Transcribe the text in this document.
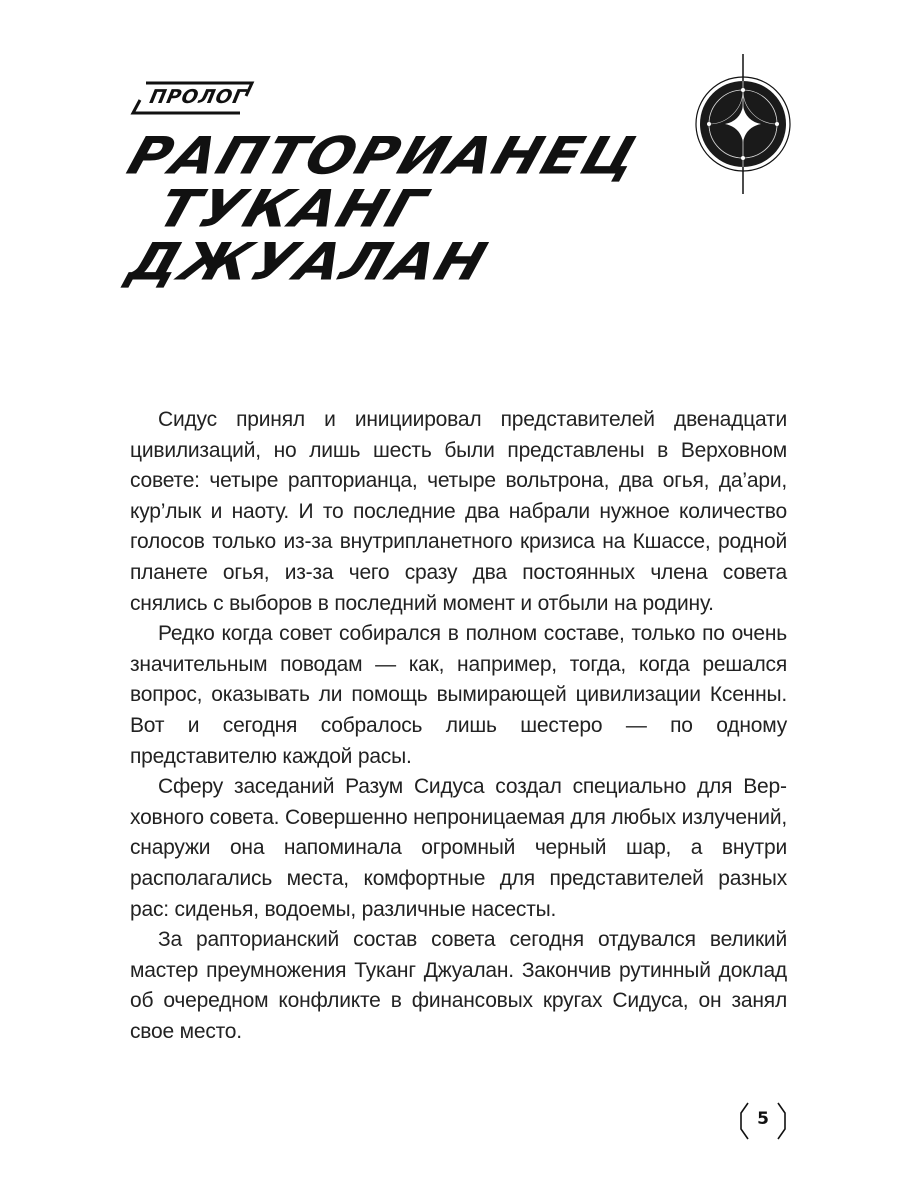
ПРОЛОГ
РАПТОРИАНЕЦ
ТУКАНГ
ДЖУАЛАН

Сидус принял и инициировал представителей двенадцати цивилизаций, но лишь шесть были представлены в Верховном совете: четыре рапторианца, четыре вольтрона, два огья, да’ари, кур’лык и наоту. И то последние два набрали нужное количество голосов только из-за внутрипланетного кризиса на Кшассе, родной планете огья, из-за чего сразу два постоянных члена совета снялись с выборов в последний момент и отбыли на родину.

Редко когда совет собирался в полном составе, только по очень значительным поводам — как, например, тогда, когда решался вопрос, оказывать ли помощь вымирающей цивилизации Ксенны. Вот и сегодня собралось лишь шестеро — по одному представителю каждой расы.

Сферу заседаний Разум Сидуса создал специально для Верховного совета. Совершенно непроницаемая для любых излучений, снаружи она напоминала огромный черный шар, а внутри располагались места, комфортные для представителей разных рас: сиденья, водоемы, различные насесты.

За рапторианский состав совета сегодня отдувался великий мастер преумножения Туканг Джуалан. Закончив рутинный доклад об очередном конфликте в финансовых кругах Сидуса, он занял свое место.

5
